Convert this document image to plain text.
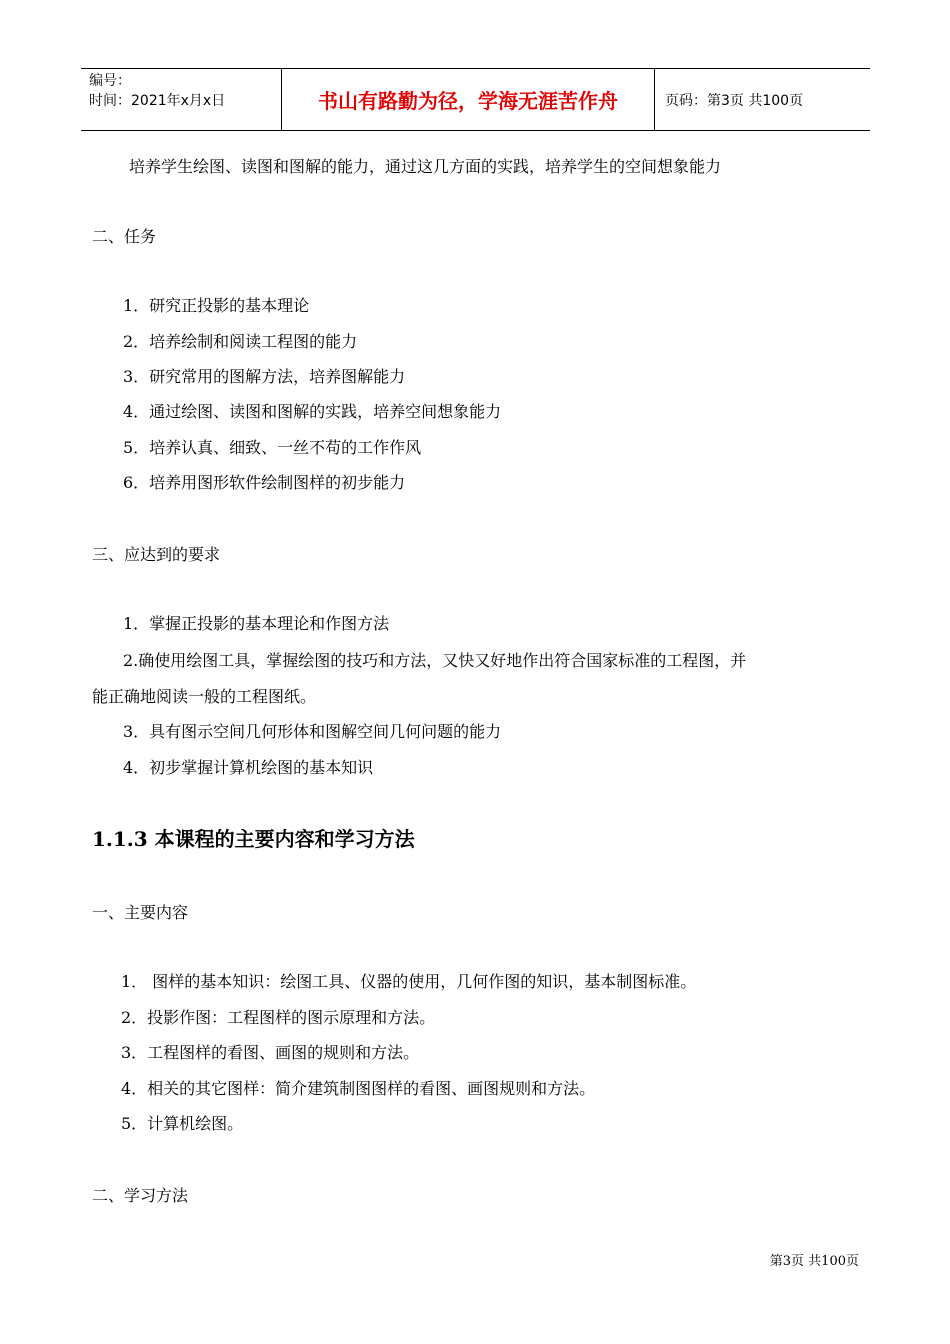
编号：
时间：2021年x月x日	书山有路勤为径，学海无涯苦作舟	页码：第3页 共100页
培养学生绘图、读图和图解的能力，通过这几方面的实践，培养学生的空间想象能力
二、任务
1．研究正投影的基本理论
2．培养绘制和阅读工程图的能力
3．研究常用的图解方法，培养图解能力
4．通过绘图、读图和图解的实践，培养空间想象能力
5．培养认真、细致、一丝不苟的工作作风
6．培养用图形软件绘制图样的初步能力
三、应达到的要求
1．掌握正投影的基本理论和作图方法
2.确使用绘图工具，掌握绘图的技巧和方法，又快又好地作出符合国家标准的工程图，并
能正确地阅读一般的工程图纸。
3．具有图示空间几何形体和图解空间几何问题的能力
4．初步掌握计算机绘图的基本知识
1.1.3 本课程的主要内容和学习方法
一、主要内容
1． 图样的基本知识：绘图工具、仪器的使用，几何作图的知识，基本制图标准。
2．投影作图：工程图样的图示原理和方法。
3．工程图样的看图、画图的规则和方法。
4．相关的其它图样：简介建筑制图图样的看图、画图规则和方法。
5．计算机绘图。
二、学习方法
第3页 共100页
